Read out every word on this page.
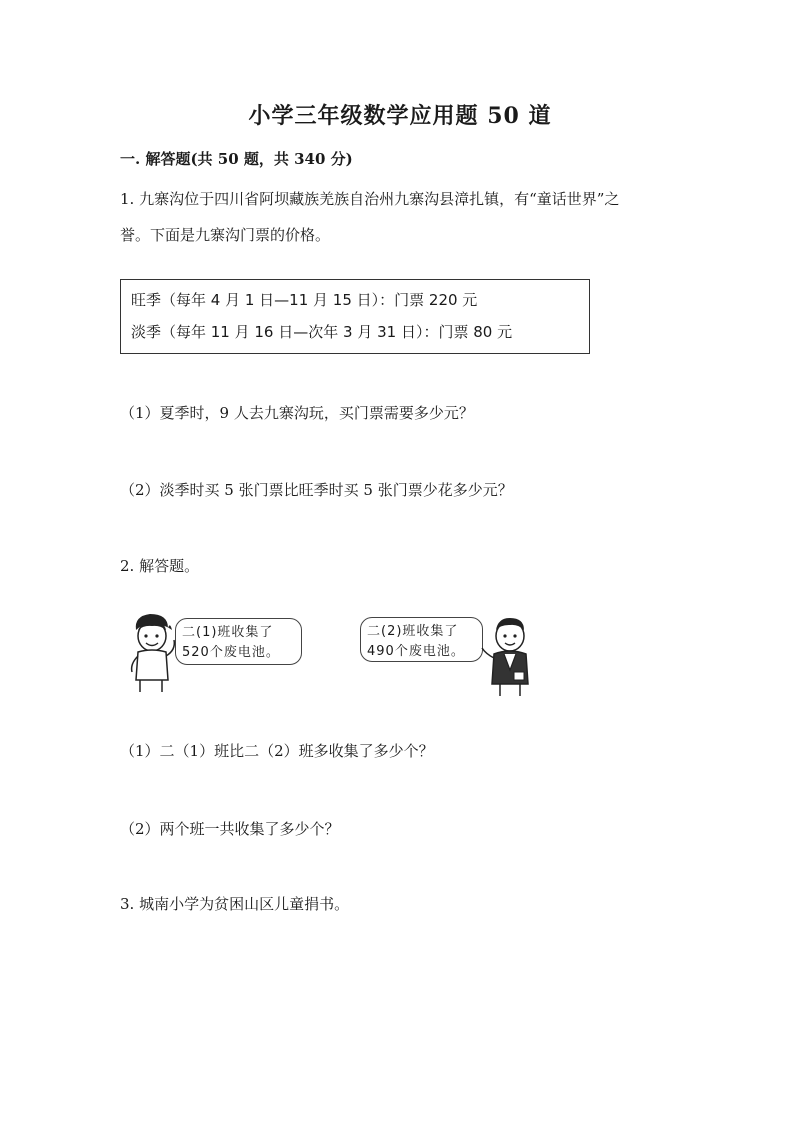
小学三年级数学应用题 50 道
一. 解答题(共 50 题，共 340 分)
1. 九寨沟位于四川省阿坝藏族羌族自治州九寨沟县漳扎镇，有“童话世界”之
誉。下面是九寨沟门票的价格。
旺季（每年 4 月 1 日—11 月 15 日）：门票 220 元
淡季（每年 11 月 16 日—次年 3 月 31 日）：门票 80 元
（1）夏季时，9 人去九寨沟玩，买门票需要多少元？
（2）淡季时买 5 张门票比旺季时买 5 张门票少花多少元？
2. 解答题。
二(1)班收集了
520个废电池。
二(2)班收集了
490个废电池。
（1）二（1）班比二（2）班多收集了多少个？
（2）两个班一共收集了多少个？
3. 城南小学为贫困山区儿童捐书。
